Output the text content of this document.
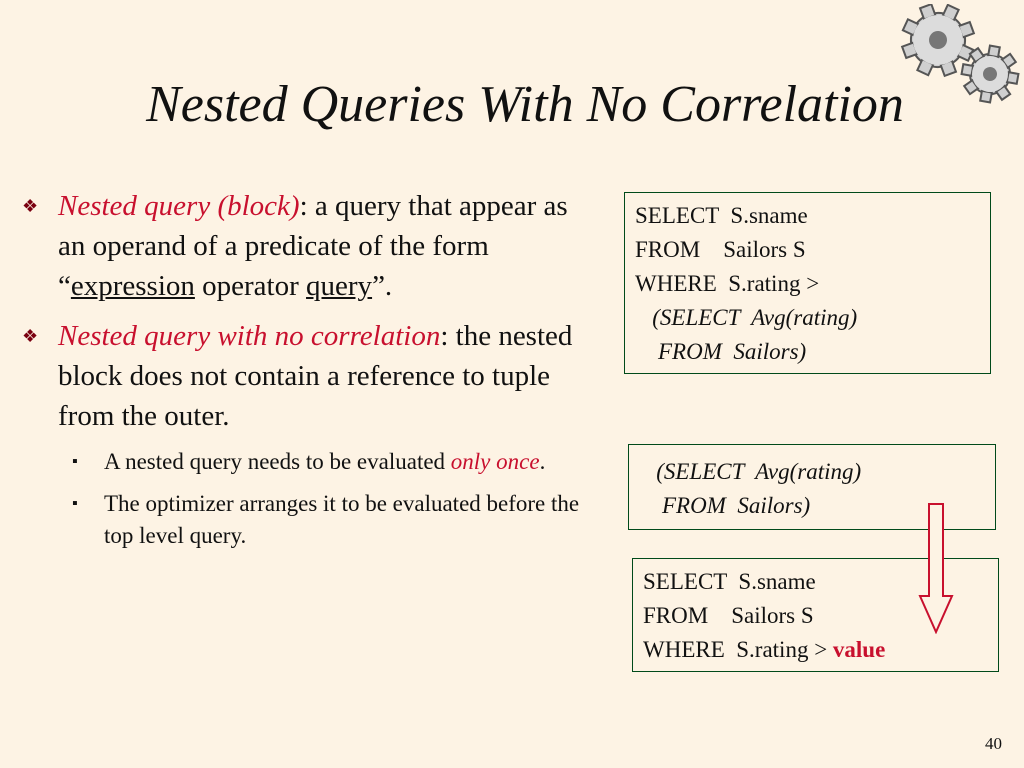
Nested Queries With No Correlation
❖ Nested query (block): a query that appear as an operand of a predicate of the form “expression operator query”.
❖ Nested query with no correlation: the nested block does not contain a reference to tuple from the outer.
▪ A nested query needs to be evaluated only once.
▪ The optimizer arranges it to be evaluated before the top level query.
SELECT  S.sname
FROM    Sailors S
WHERE  S.rating >
(SELECT  Avg(rating)
FROM  Sailors)
(SELECT  Avg(rating)
FROM  Sailors)
SELECT  S.sname
FROM    Sailors S
WHERE  S.rating > value
40
